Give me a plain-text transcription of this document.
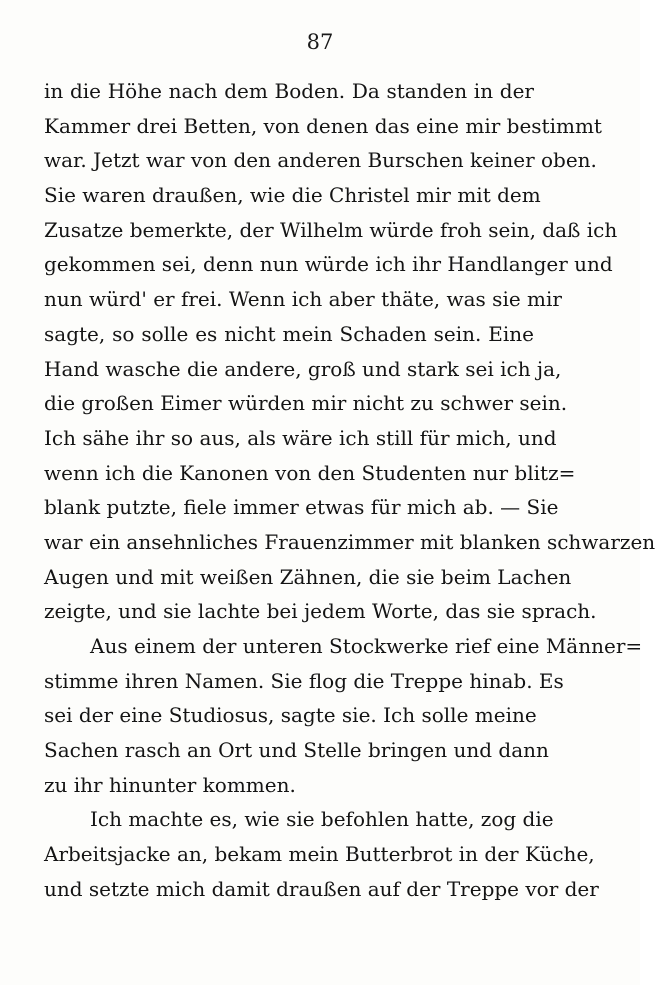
87
in die Höhe nach dem Boden. Da standen in der
Kammer drei Betten, von denen das eine mir bestimmt
war. Jetzt war von den anderen Burschen keiner oben.
Sie waren draußen, wie die Christel mir mit dem
Zusatze bemerkte, der Wilhelm würde froh sein, daß ich
gekommen sei, denn nun würde ich ihr Handlanger und
nun würd' er frei. Wenn ich aber thäte, was sie mir
sagte, so solle es nicht mein Schaden sein. Eine
Hand wasche die andere, groß und stark sei ich ja,
die großen Eimer würden mir nicht zu schwer sein.
Ich sähe ihr so aus, als wäre ich still für mich, und
wenn ich die Kanonen von den Studenten nur blitz=
blank putzte, fiele immer etwas für mich ab. — Sie
war ein ansehnliches Frauenzimmer mit blanken schwarzen
Augen und mit weißen Zähnen, die sie beim Lachen
zeigte, und sie lachte bei jedem Worte, das sie sprach.
Aus einem der unteren Stockwerke rief eine Männer=
stimme ihren Namen. Sie flog die Treppe hinab. Es
sei der eine Studiosus, sagte sie. Ich solle meine
Sachen rasch an Ort und Stelle bringen und dann
zu ihr hinunter kommen.
Ich machte es, wie sie befohlen hatte, zog die
Arbeitsjacke an, bekam mein Butterbrot in der Küche,
und setzte mich damit draußen auf der Treppe vor der
